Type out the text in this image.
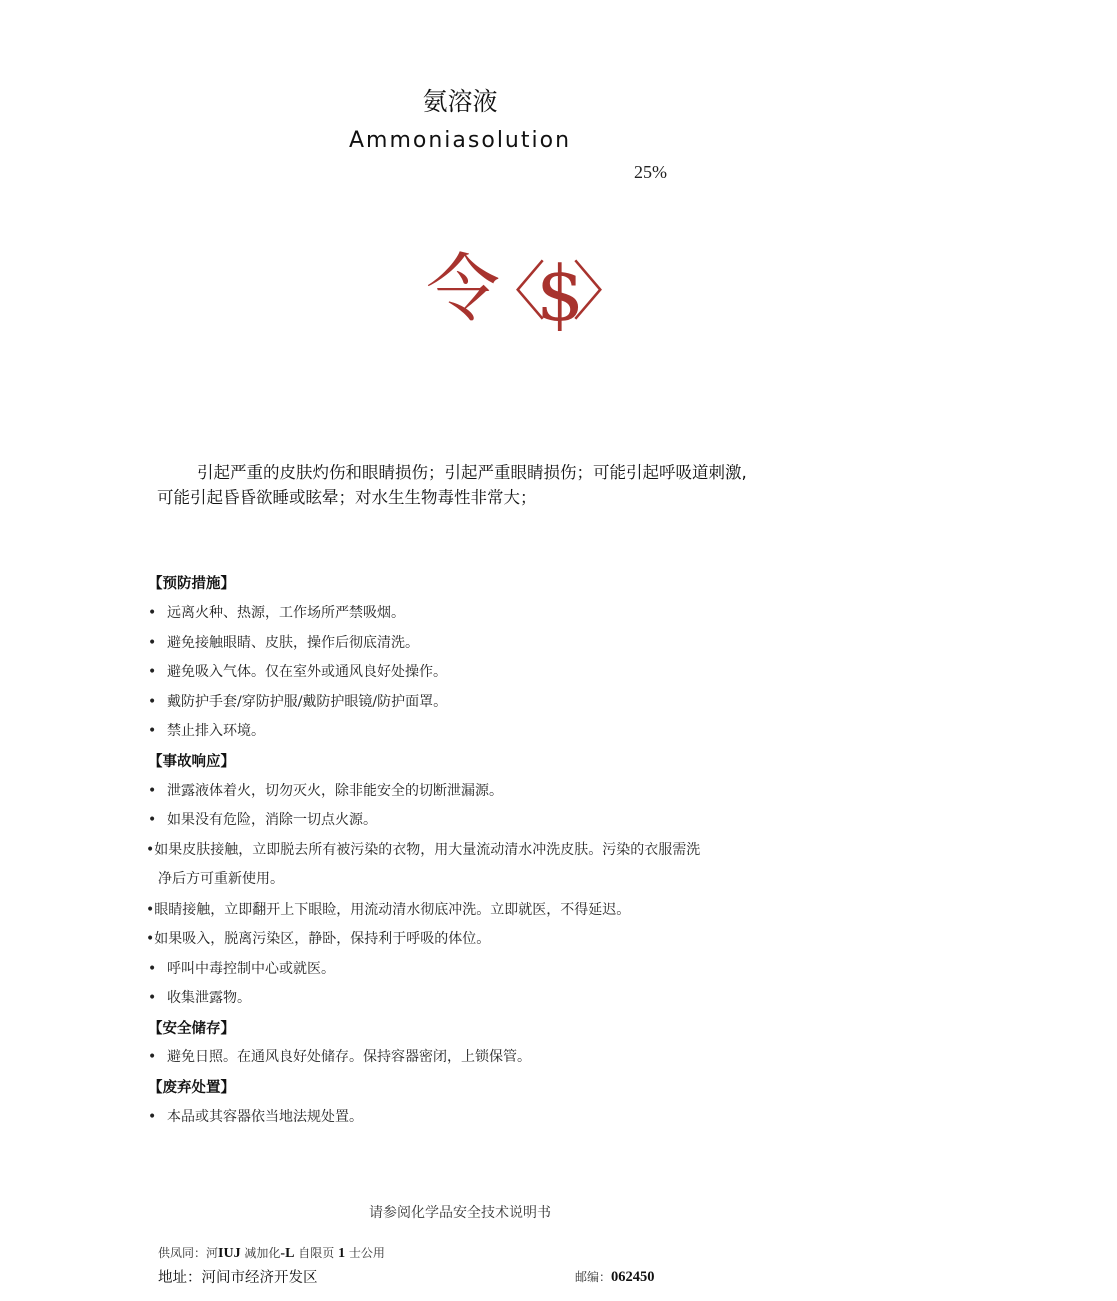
氨溶液
Ammoniasolution
25%
令
〈
$
〉
引起严重的皮肤灼伤和眼睛损伤；引起严重眼睛损伤；可能引起呼吸道刺激,
可能引起昏昏欲睡或眩晕；对水生生物毒性非常大；
【预防措施】
• 远离火种、热源，工作场所严禁吸烟。
• 避免接触眼睛、皮肤，操作后彻底清洗。
• 避免吸入气体。仅在室外或通风良好处操作。
• 戴防护手套/穿防护服/戴防护眼镜/防护面罩。
• 禁止排入环境。
【事故响应】
• 泄露液体着火，切勿灭火，除非能安全的切断泄漏源。
• 如果没有危险，消除一切点火源。
•如果皮肤接触，立即脱去所有被污染的衣物，用大量流动清水冲洗皮肤。污染的衣服需洗
净后方可重新使用。
•眼睛接触，立即翻开上下眼睑，用流动清水彻底冲洗。立即就医，不得延迟。
•如果吸入，脱离污染区，静卧，保持利于呼吸的体位。
• 呼叫中毒控制中心或就医。
• 收集泄露物。
【安全储存】
• 避免日照。在通风良好处储存。保持容器密闭，上锁保管。
【废弃处置】
• 本品或其容器依当地法规处置。
请参阅化学品安全技术说明书
供凤同：河IUJ 减加化-L 自限页 1 士公用
地址：河间市经济开发区	邮编：062450
